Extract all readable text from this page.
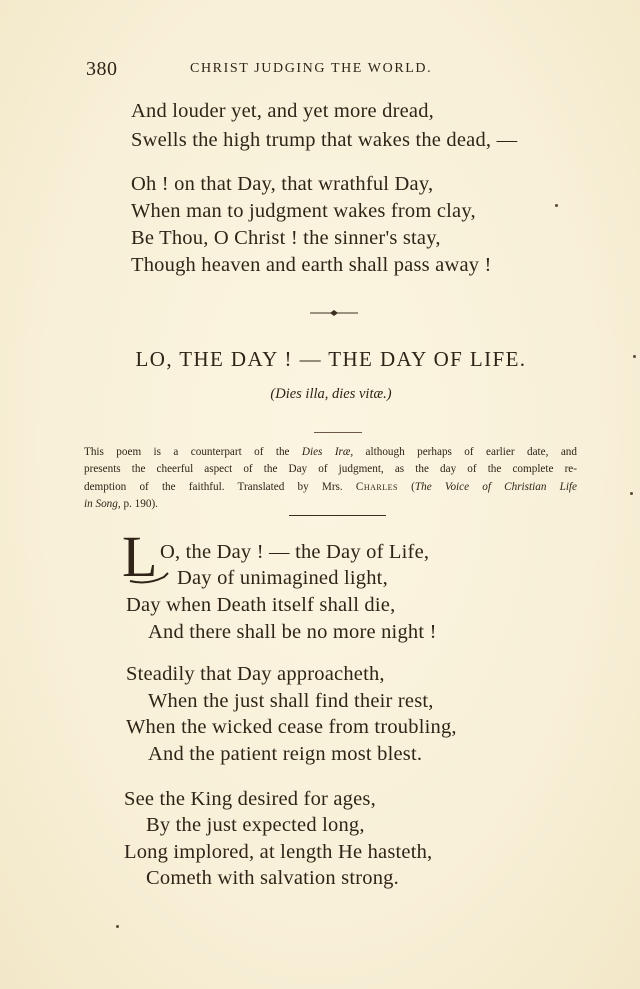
380	CHRIST JUDGING THE WORLD.
And louder yet, and yet more dread,
Swells the high trump that wakes the dead, —
Oh ! on that Day, that wrathful Day,
When man to judgment wakes from clay,
Be Thou, O Christ ! the sinner's stay,
Though heaven and earth shall pass away !
LO, THE DAY ! — THE DAY OF LIFE.
(Dies illa, dies vitæ.)
This poem is a counterpart of the Dies Iræ, although perhaps of earlier date, and
presents the cheerful aspect of the Day of judgment, as the day of the complete re-
demption of the faithful. Translated by Mrs. Charles (The Voice of Christian Life
in Song, p. 190).
L O, the Day ! — the Day of Life,
Day of unimagined light,
Day when Death itself shall die,
And there shall be no more night !
Steadily that Day approacheth,
When the just shall find their rest,
When the wicked cease from troubling,
And the patient reign most blest.
See the King desired for ages,
By the just expected long,
Long implored, at length He hasteth,
Cometh with salvation strong.
